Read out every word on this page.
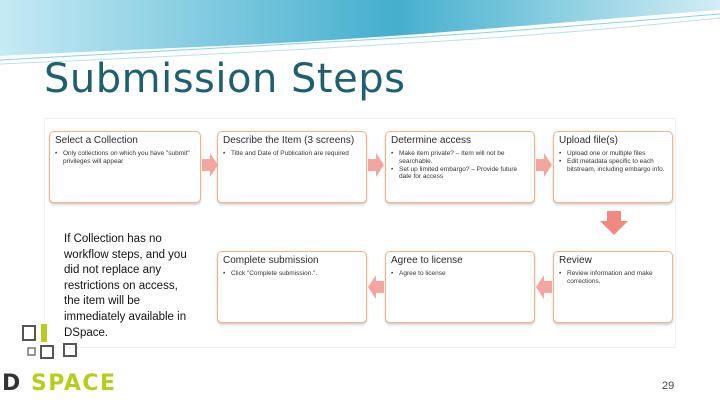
Submission Steps
Select a Collection
• Only collections on which you have "submit" privileges will appear
Describe the Item (3 screens)
• Title and Date of Publication are required
Determine access
• Make item private? – Item will not be searchable.
• Set up limited embargo? – Provide future date for access
Upload file(s)
• Upload one or multiple files
• Edit metadata specific to each bitstream, including embargo info.
Complete submission
• Click "Complete submission.".
Agree to license
• Agree to license
Review
• Review information and make corrections.
If Collection has no workflow steps, and you did not replace any restrictions on access, the item will be immediately available in DSpace.
D SPACE	29
